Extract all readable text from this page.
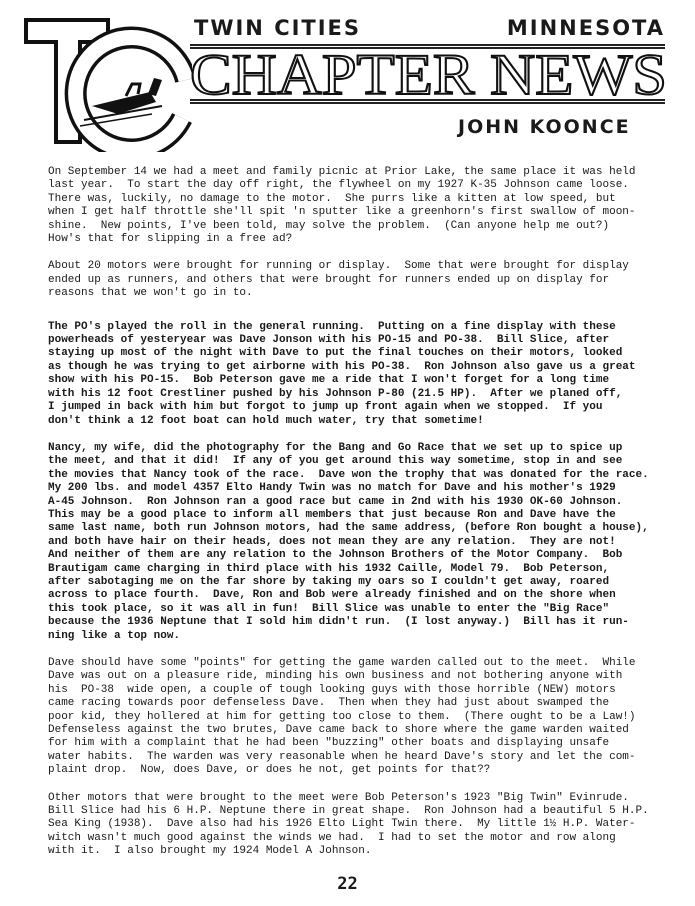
TWIN CITIES	MINNESOTA
CHAPTER NEWS
JOHN KOONCE

On September 14 we had a meet and family picnic at Prior Lake, the same place it was held
last year.  To start the day off right, the flywheel on my 1927 K-35 Johnson came loose.
There was, luckily, no damage to the motor.  She purrs like a kitten at low speed, but
when I get half throttle she'll spit 'n sputter like a greenhorn's first swallow of moon-
shine.  New points, I've been told, may solve the problem.  (Can anyone help me out?)
How's that for slipping in a free ad?

About 20 motors were brought for running or display.  Some that were brought for display
ended up as runners, and others that were brought for runners ended up on display for
reasons that we won't go in to.

The PO's played the roll in the general running.  Putting on a fine display with these
powerheads of yesteryear was Dave Jonson with his PO-15 and PO-38.  Bill Slice, after
staying up most of the night with Dave to put the final touches on their motors, looked
as though he was trying to get airborne with his PO-38.  Ron Johnson also gave us a great
show with his PO-15.  Bob Peterson gave me a ride that I won't forget for a long time
with his 12 foot Crestliner pushed by his Johnson P-80 (21.5 HP).  After we planed off,
I jumped in back with him but forgot to jump up front again when we stopped.  If you
don't think a 12 foot boat can hold much water, try that sometime!

Nancy, my wife, did the photography for the Bang and Go Race that we set up to spice up
the meet, and that it did!  If any of you get around this way sometime, stop in and see
the movies that Nancy took of the race.  Dave won the trophy that was donated for the race.
My 200 lbs. and model 4357 Elto Handy Twin was no match for Dave and his mother's 1929
A-45 Johnson.  Ron Johnson ran a good race but came in 2nd with his 1930 OK-60 Johnson.
This may be a good place to inform all members that just because Ron and Dave have the
same last name, both run Johnson motors, had the same address, (before Ron bought a house),
and both have hair on their heads, does not mean they are any relation.  They are not!
And neither of them are any relation to the Johnson Brothers of the Motor Company.  Bob
Brautigam came charging in third place with his 1932 Caille, Model 79.  Bob Peterson,
after sabotaging me on the far shore by taking my oars so I couldn't get away, roared
across to place fourth.  Dave, Ron and Bob were already finished and on the shore when
this took place, so it was all in fun!  Bill Slice was unable to enter the "Big Race"
because the 1936 Neptune that I sold him didn't run.  (I lost anyway.)  Bill has it run-
ning like a top now.

Dave should have some "points" for getting the game warden called out to the meet.  While
Dave was out on a pleasure ride, minding his own business and not bothering anyone with
his  PO-38  wide open, a couple of tough looking guys with those horrible (NEW) motors
came racing towards poor defenseless Dave.  Then when they had just about swamped the
poor kid, they hollered at him for getting too close to them.  (There ought to be a Law!)
Defenseless against the two brutes, Dave came back to shore where the game warden waited
for him with a complaint that he had been "buzzing" other boats and displaying unsafe
water habits.  The warden was very reasonable when he heard Dave's story and let the com-
plaint drop.  Now, does Dave, or does he not, get points for that??

Other motors that were brought to the meet were Bob Peterson's 1923 "Big Twin" Evinrude.
Bill Slice had his 6 H.P. Neptune there in great shape.  Ron Johnson had a beautiful 5 H.P.
Sea King (1938).  Dave also had his 1926 Elto Light Twin there.  My little 1½ H.P. Water-
witch wasn't much good against the winds we had.  I had to set the motor and row along
with it.  I also brought my 1924 Model A Johnson.

22
